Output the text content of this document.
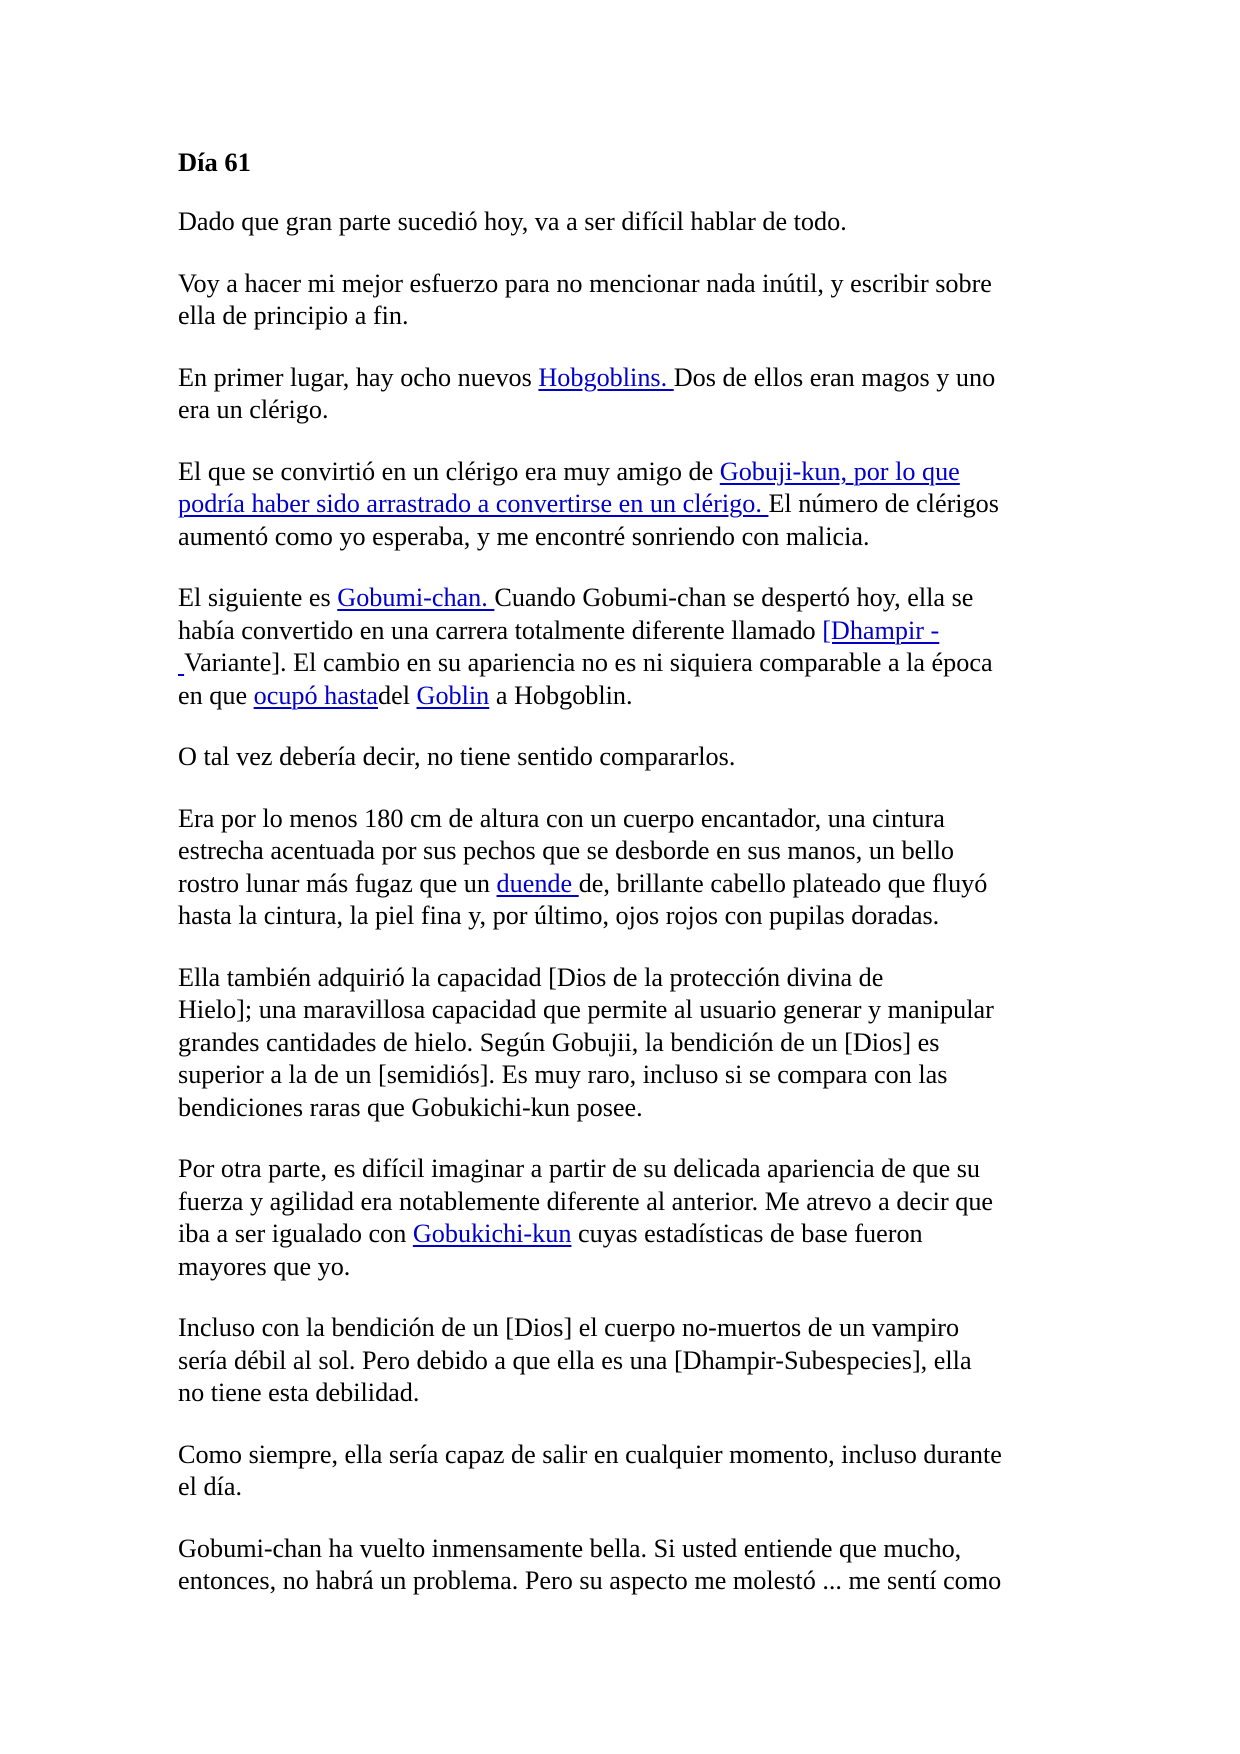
Día 61
Dado que gran parte sucedió hoy, va a ser difícil hablar de todo.
Voy a hacer mi mejor esfuerzo para no mencionar nada inútil, y escribir sobre
ella de principio a fin.
En primer lugar, hay ocho nuevos Hobgoblins. Dos de ellos eran magos y uno
era un clérigo.
El que se convirtió en un clérigo era muy amigo de Gobuji-kun, por lo que
podría haber sido arrastrado a convertirse en un clérigo. El número de clérigos
aumentó como yo esperaba, y me encontré sonriendo con malicia.
El siguiente es Gobumi-chan. Cuando Gobumi-chan se despertó hoy, ella se
había convertido en una carrera totalmente diferente llamado [Dhampir -
Variante]. El cambio en su apariencia no es ni siquiera comparable a la época
en que ocupó hastadel Goblin a Hobgoblin.
O tal vez debería decir, no tiene sentido compararlos.
Era por lo menos 180 cm de altura con un cuerpo encantador, una cintura
estrecha acentuada por sus pechos que se desborde en sus manos, un bello
rostro lunar más fugaz que un duende de, brillante cabello plateado que fluyó
hasta la cintura, la piel fina y, por último, ojos rojos con pupilas doradas.
Ella también adquirió la capacidad [Dios de la protección divina de
Hielo]; una maravillosa capacidad que permite al usuario generar y manipular
grandes cantidades de hielo. Según Gobujii, la bendición de un [Dios] es
superior a la de un [semidiós]. Es muy raro, incluso si se compara con las
bendiciones raras que Gobukichi-kun posee.
Por otra parte, es difícil imaginar a partir de su delicada apariencia de que su
fuerza y agilidad era notablemente diferente al anterior. Me atrevo a decir que
iba a ser igualado con Gobukichi-kun cuyas estadísticas de base fueron
mayores que yo.
Incluso con la bendición de un [Dios] el cuerpo no-muertos de un vampiro
sería débil al sol. Pero debido a que ella es una [Dhampir-Subespecies], ella
no tiene esta debilidad.
Como siempre, ella sería capaz de salir en cualquier momento, incluso durante
el día.
Gobumi-chan ha vuelto inmensamente bella. Si usted entiende que mucho,
entonces, no habrá un problema. Pero su aspecto me molestó ... me sentí como
